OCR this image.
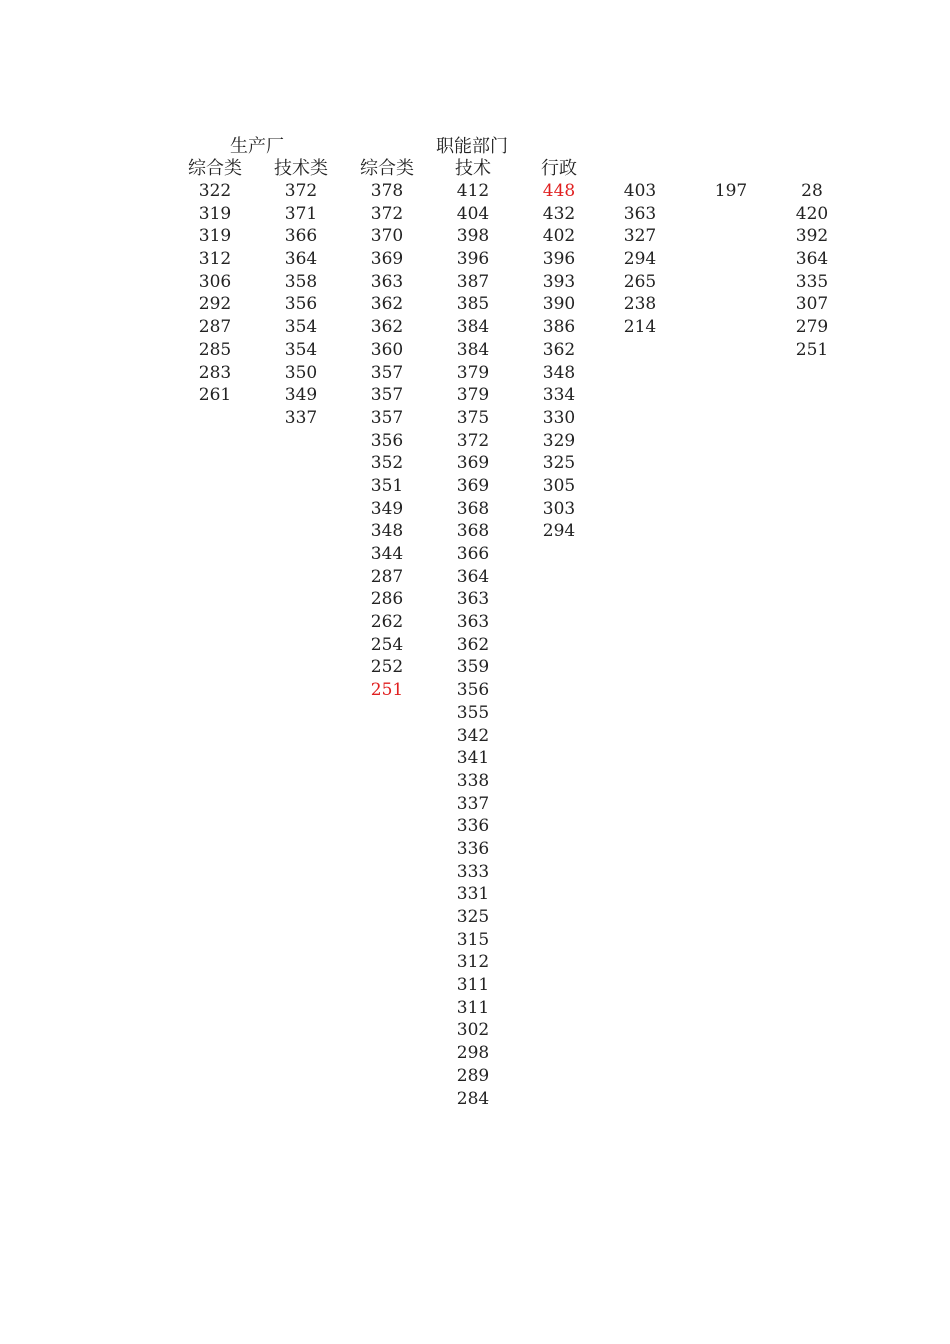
生产厂	职能部门
综合类
322
319
319
312
306
292
287
285
283
261
技术类
372
371
366
364
358
356
354
354
350
349
337
综合类
378
372
370
369
363
362
362
360
357
357
357
356
352
351
349
348
344
287
286
262
254
252
251
技术
412
404
398
396
387
385
384
384
379
379
375
372
369
369
368
368
366
364
363
363
362
359
356
355
342
341
338
337
336
336
333
331
325
315
312
311
311
302
298
289
284
行政
448
432
402
396
393
390
386
362
348
334
330
329
325
305
303
294
403
363
327
294
265
238
214
197	28
420
392
364
335
307
279
251
